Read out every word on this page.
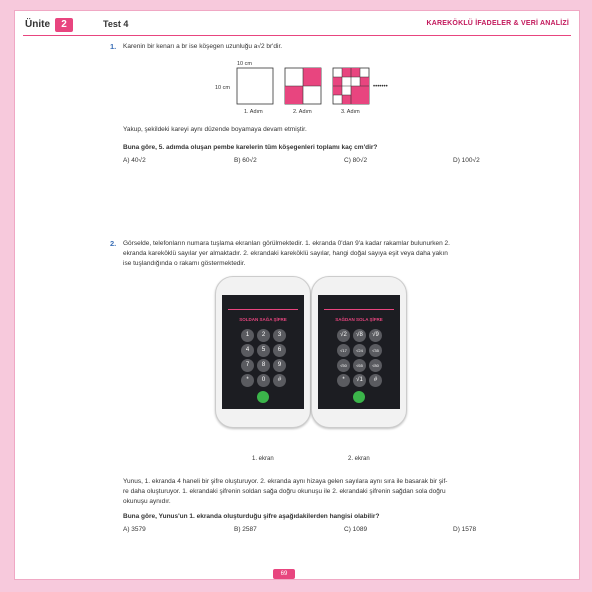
Ünite	2	Test 4	KAREKÖKLÜ İFADELER & VERİ ANALİZİ
1. Karenin bir kenarı a br ise köşegen uzunluğu a√2 br'dir.
10 cm
10 cm
1. Adım	2. Adım	3. Adım
•••••••
Yakup, şekildeki kareyi aynı düzende boyamaya devam etmiştir.
Buna göre, 5. adımda oluşan pembe karelerin tüm köşegenleri toplamı kaç cm'dir?
A) 40√2	B) 60√2	C) 80√2	D) 100√2
2. Görselde, telefonların numara tuşlama ekranları görülmektedir. 1. ekranda 0'dan 9'a kadar rakamlar bulunurken 2.
ekranda kareköklü sayılar yer almaktadır. 2. ekrandaki kareköklü sayılar, hangi doğal sayıya eşit veya daha yakın
ise tuşlandığında o rakamı göstermektedir.
SOLDAN SAĞA ŞİFRE
1	2	3
4	5	6
7	8	9
*	0	#
SAĞDAN SOLA ŞİFRE
√2	√8	√9
√17	√24	√35
√50	√65	√80
*	√1	#
1. ekran	2. ekran
Yunus, 1. ekranda 4 haneli bir şifre oluşturuyor. 2. ekranda aynı hizaya gelen sayılara aynı sıra ile basarak bir şif-
re daha oluşturuyor. 1. ekrandaki şifrenin soldan sağa doğru okunuşu ile 2. ekrandaki şifrenin sağdan sola doğru
okunuşu aynıdır.
Buna göre, Yunus'un 1. ekranda oluşturduğu şifre aşağıdakilerden hangisi olabilir?
A) 3579	B) 2587	C) 1089	D) 1578
69
